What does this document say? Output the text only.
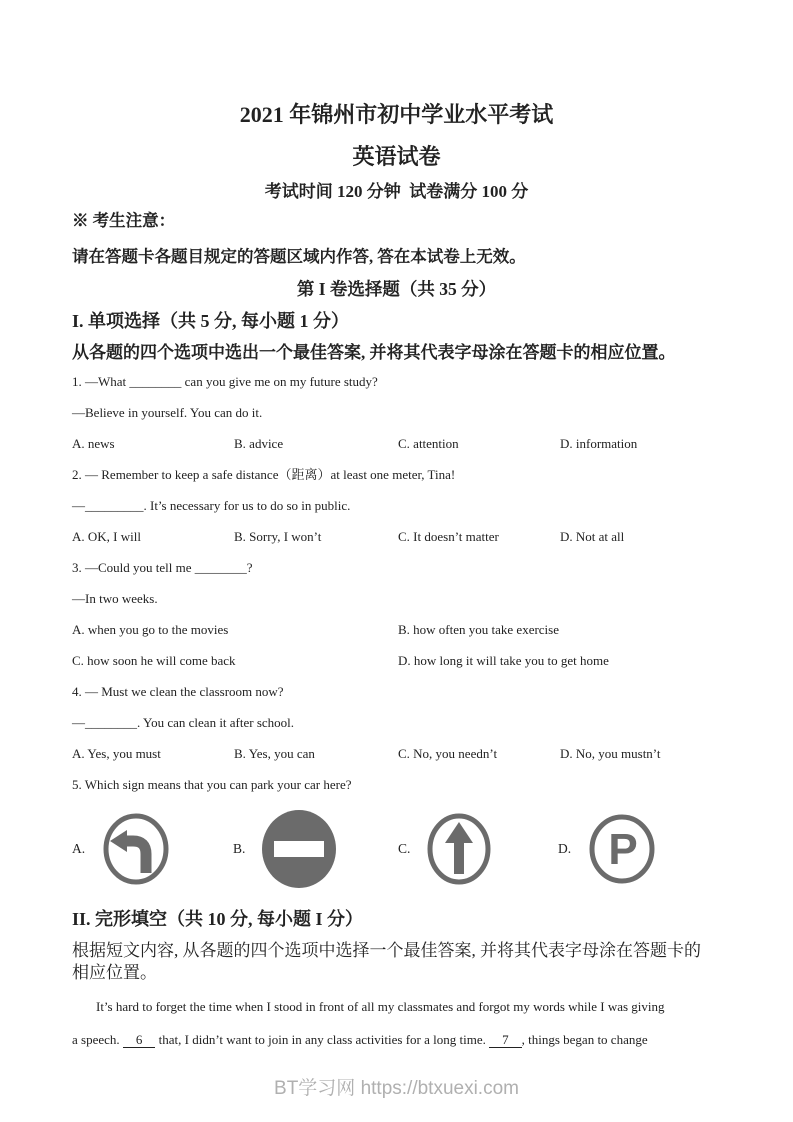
2021 年锦州市初中学业水平考试
英语试卷
考试时间 120 分钟  试卷满分 100 分
※ 考生注意：
请在答题卡各题目规定的答题区域内作答, 答在本试卷上无效。
第 I 卷选择题（共 35 分）
I. 单项选择（共 5 分, 每小题 1 分）
从各题的四个选项中选出一个最佳答案, 并将其代表字母涂在答题卡的相应位置。
1. —What ________ can you give me on my future study?
—Believe in yourself. You can do it.
A. news	B. advice	C. attention	D. information
2. — Remember to keep a safe distance（距离）at least one meter, Tina!
—_________. It’s necessary for us to do so in public.
A. OK, I will	B. Sorry, I won’t	C. It doesn’t matter	D. Not at all
3. —Could you tell me ________?
—In two weeks.
A. when you go to the movies	B. how often you take exercise
C. how soon he will come back	D. how long it will take you to get home
4. — Must we clean the classroom now?
—________. You can clean it after school.
A. Yes, you must	B. Yes, you can	C. No, you needn’t	D. No, you mustn’t
5. Which sign means that you can park your car here?
A.	B.	C.	D. P
II. 完形填空（共 10 分, 每小题 I 分）
根据短文内容, 从各题的四个选项中选择一个最佳答案, 并将其代表字母涂在答题卡的 相应位置。
It’s hard to forget the time when I stood in front of all my classmates and forgot my words while I was giving
a speech. 6 that, I didn’t want to join in any class activities for a long time. 7 , things began to change
BT学习网 https://btxuexi.com
